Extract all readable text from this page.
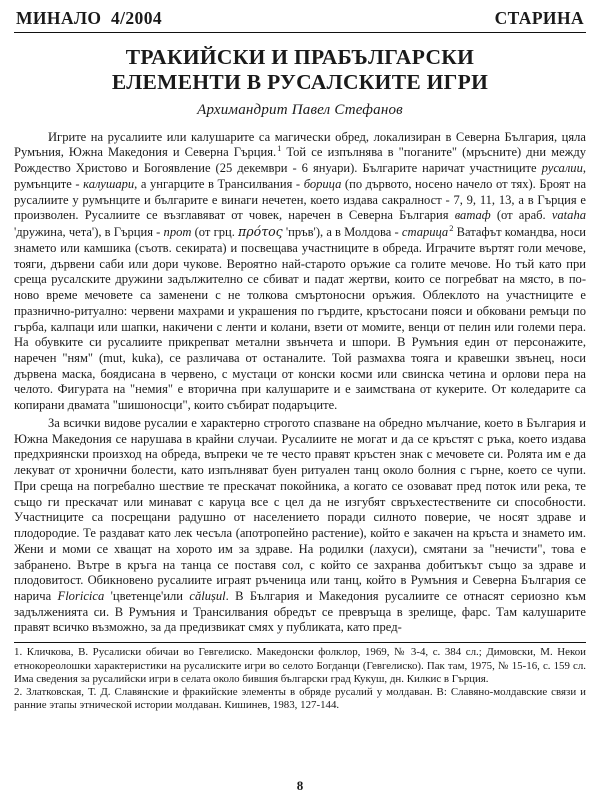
МИНАЛО  4/2004	СТАРИНА
ТРАКИЙСКИ И ПРАБЪЛГАРСКИ
ЕЛЕМЕНТИ В РУСАЛСКИТЕ ИГРИ
Архимандрит Павел Стефанов

Игрите на русалиите или калушарите са магически обред, локализиран в Северна България, цяла Румъния, Южна Македония и Северна Гърция.$^1$ Той се изпълнява в "поганите" (мръсните) дни между Рождество Христово и Богоявление (25 декември - 6 януари). Българите наричат участниците русалии, румънците - калушари, а унгарците в Трансилвания - борица (по дървото, носено начело от тях). Броят на русалиите у румънците и българите е винаги нечетен, което издава сакралност - 7, 9, 11, 13, а в Гърция е произволен. Русалиите се възглавяват от човек, наречен в Северна България ватаф (от араб. vataha 'дружина, чета'), в Гърция - прот (от грц. πρότος 'пръв'), а в Молдова - старица$^2$ Ватафът командва, носи знамето или камшика (съотв. секирата) и посвещава участниците в обреда. Играчите въртят голи мечове, тояги, дървени саби или дори чукове. Вероятно най-старото оръжие са голите мечове. Но тъй като при среща русалските дружини задължително се сбиват и падат жертви, които се погребват на място, в по-ново време мечовете са заменени с не толкова смъртоносни оръжия. Облеклото на участниците е празнично-ритуално: червени махрами и украшения по гърдите, кръстосани пояси и обковани ремъци по гърба, калпаци или шапки, накичени с ленти и колани, взети от момите, венци от пелин или големи пера. На обувките си русалиите прикрепват метални звънчета и шпори. В Румъния един от персонажите, наречен "ням" (mut, kuka), се различава от останалите. Той размахва тояга и кравешки звънец, носи дървена маска, боядисана в червено, с мустаци от конски косми или свинска четина и орлови пера на челото. Фигурата на "немия" е вторична при калушарите и е заимствана от кукерите. От коледарите са копирани двамата "шишоносци", които събират подаръците.

За всички видове русалии е характерно строгото спазване на обредно мълчание, което в България и Южна Македония се нарушава в крайни случаи. Русалиите не могат и да се кръстят с ръка, което издава предхриянски произход на обреда, въпреки че те често правят кръстен знак с мечовете си. Ролята им е да лекуват от хронични болести, като изпълняват буен ритуален танц около болния с гърне, което се чупи. При среща на погребално шествие те прескачат покойника, а когато се озовават пред поток или река, те също ги прескачат или минават с каруца все с цел да не изгубят свръхестествените си способности. Участниците са посрещани радушно от населението поради силното поверие, че носят здраве и плодородие. Те раздават като лек чесъла (апотропейно растение), който е закачен на кръста и знамето им. Жени и моми се хващат на хорото им за здраве. На родилки (лахуси), смятани за "нечисти", това е забранено. Вътре в кръга на танца се поставя сол, с който се захранва добитъкът също за здраве и плодовитост. Обикновено русалиите играят ръченица или танц, който в Румъния и Северна България се нарича Floricica 'цветенце'или călușul. В България и Македония русалиите се отнасят сериозно към задълженията си. В Румъния и Трансилвания обредът се превръща в зрелище, фарс. Там калушарите правят всичко възможно, за да предизвикат смях у публиката, като пред-

1. Кличкова, В. Русалиски обичаи во Гевгелиско. Македонски фолклор, 1969, № 3-4, с. 384 сл.; Димовски, М. Некои етнокореолошки характеристики на русалиските игри во селото Богданци (Гевгелиско). Пак там, 1975, № 15-16, с. 159 сл. Има сведения за русалийски игри в селата около бившия български град Кукуш, дн. Килкис в Гърция.

2. Златковская, Т. Д. Славянские и фракийские элементы в обряде русалий у молдаван. В: Славяно-молдавские связи и ранние этапы этнической истории молдаван. Кишинев, 1983, 127-144.

8
